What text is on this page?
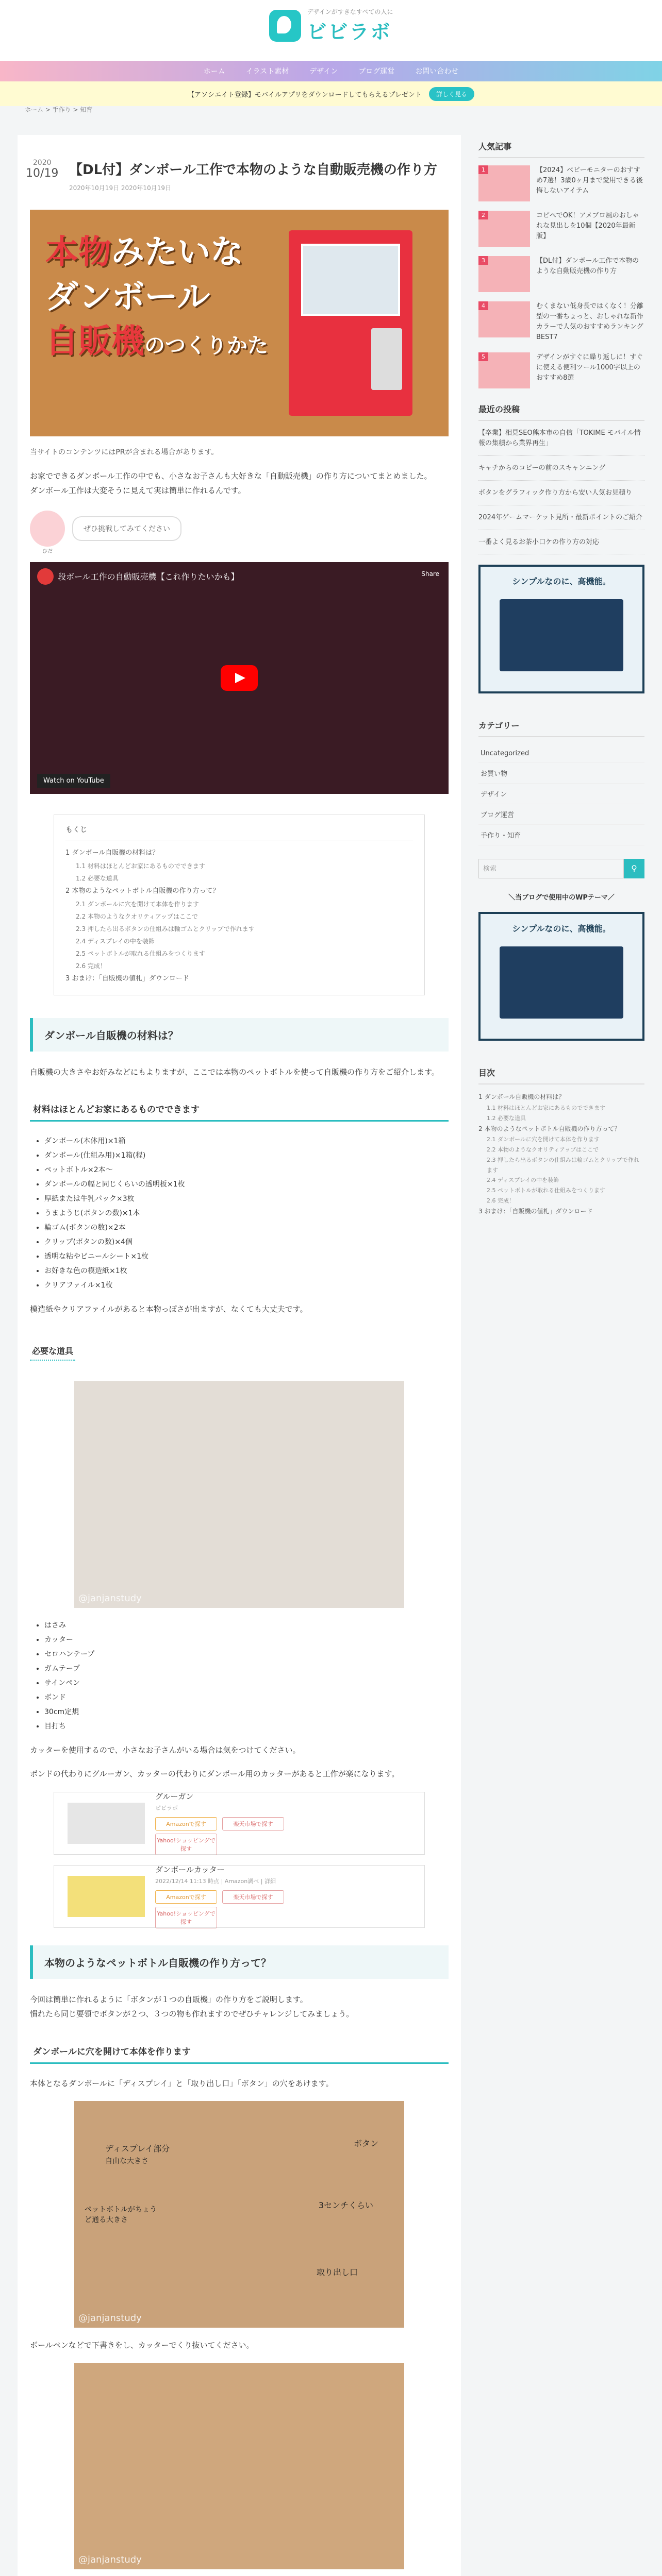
デザインがすきなすべての人に
ビビラボ
ホーム	イラスト素材	デザイン	ブログ運営	お問い合わせ
【アソシエイト登録】モバイルアプリをダウンロードしてもらえるプレゼント	詳しく見る
ホーム > 手作り > 知育
2020
10/19 【DL付】ダンボール工作で本物のような自動販売機の作り方
2020年10月19日 2020年10月19日
本物みたいな
ダンボール
自販機のつくりかた

当サイトのコンテンツにはPRが含まれる場合があります。

お家でできるダンボール工作の中でも、小さなお子さんも大好きな「自動販売機」の作り方についてまとめました。
ダンボール工作は大変そうに見えて実は簡単に作れるんです。

ひだ
ぜひ挑戦してみてください
段ボール工作の自動販売機【これ作りたいかも】	Share
Watch on YouTube
もくじ
1 ダンボール自販機の材料は？
1.1 材料はほとんどお家にあるものでできます
1.2 必要な道具
2 本物のようなペットボトル自販機の作り方って？
2.1 ダンボールに穴を開けて本体を作ります
2.2 本物のようなクオリティアップはここで
2.3 押したら出るボタンの仕組みは輪ゴムとクリップで作れます
2.4 ディスプレイの中を装飾
2.5 ペットボトルが取れる仕組みをつくります
2.6 完成！
3 おまけ：「自販機の値札」ダウンロード
ダンボール自販機の材料は？

自販機の大きさやお好みなどにもよりますが、ここでは本物のペットボトルを使って自販機の作り方をご紹介します。

材料はほとんどお家にあるものでできます
• ダンボール(本体用)×1箱
• ダンボール(仕組み用)×1箱(程)
• ペットボトル×2本〜
• ダンボールの幅と同じくらいの透明板×1枚
• 厚紙または牛乳パック×3枚
• うまようじ(ボタンの数)×1本
• 輪ゴム(ボタンの数)×2本
• クリップ(ボタンの数)×4個
• 透明な粘やビニールシート×1枚
• お好きな色の模造紙×1枚
• クリアファイル×1枚

模造紙やクリアファイルがあると本物っぽさが出ますが、なくても大丈夫です。

必要な道具
@janjanstudy
• はさみ
• カッター
• セロハンテープ
• ガムテープ
• サインペン
• ボンド
• 30cm定規
• 目打ち

カッターを使用するので、小さなお子さんがいる場合は気をつけてください。

ボンドの代わりにグルーガン、カッターの代わりにダンボール用のカッターがあると工作が楽になります。

グルーガン
ピビラボ
Amazonで探す	楽天市場で探す
Yahoo!ショッピングで探す
ダンボールカッター
2022/12/14 11:13 時点 | Amazon調べ | 詳細
Amazonで探す	楽天市場で探す
Yahoo!ショッピングで探す
本物のようなペットボトル自販機の作り方って？

今回は簡単に作れるように「ボタンが１つの自販機」の作り方をご説明します。
慣れたら同じ要領でボタンが２つ、３つの物も作れますのでぜひチャレンジしてみましょう。

ダンボールに穴を開けて本体を作ります

本体となるダンボールに「ディスプレイ」と「取り出し口」「ボタン」の穴をあけます。

ディスプレイ部分
自由な大きさ
ボタン
3センチくらい
取り出し口
ペットボトルがちょうど通る大きさ
@janjanstudy

ボールペンなどで下書きをし、カッターでくり抜いてください。

@janjanstudy
人気記事
1	【2024】ベビーモニターのおすすめ7選！3歳0ヶ月まで愛用できる後悔しないアイテム
2	コピペでOK！アメブロ風のおしゃれな見出しを10個【2020年最新版】
3	【DL付】ダンボール工作で本物のような自動販売機の作り方
4	むくまない低身長ではくなく！分離型の一番ちょっと、おしゃれな新作カラーで人気のおすすめランキングBEST7
5	デザインがすぐに繰り返しに！すぐに使える便利ツール1000字以上のおすすめ8選
最近の投稿
【卒業】相見SEO熊本市の自信「TOKIME モバイル情報の集積から業界再生」
キャチからのコピーの前のスキャンニング
ボタンをグラフィック作り方から安い人気お見積り
2024年ゲームマーケット見所・最新ポイントのご紹介
一番よく見るお茶小口ケの作り方の対応
シンプルなのに、高機能。
カテゴリー
Uncategorized
お買い物
デザイン
ブログ運営
手作り・知育
検索	⚲
＼当ブログで使用中のWPテーマ／
シンプルなのに、高機能。
目次
1 ダンボール自販機の材料は？
1.1 材料はほとんどお家にあるものでできます
1.2 必要な道具
2 本物のようなペットボトル自販機の作り方って？
2.1 ダンボールに穴を開けて本体を作ります
2.2 本物のようなクオリティアップはここで
2.3 押したら出るボタンの仕組みは輪ゴムとクリップで作れます
2.4 ディスプレイの中を装飾
2.5 ペットボトルが取れる仕組みをつくります
2.6 完成！
3 おまけ：「自販機の値札」ダウンロード
